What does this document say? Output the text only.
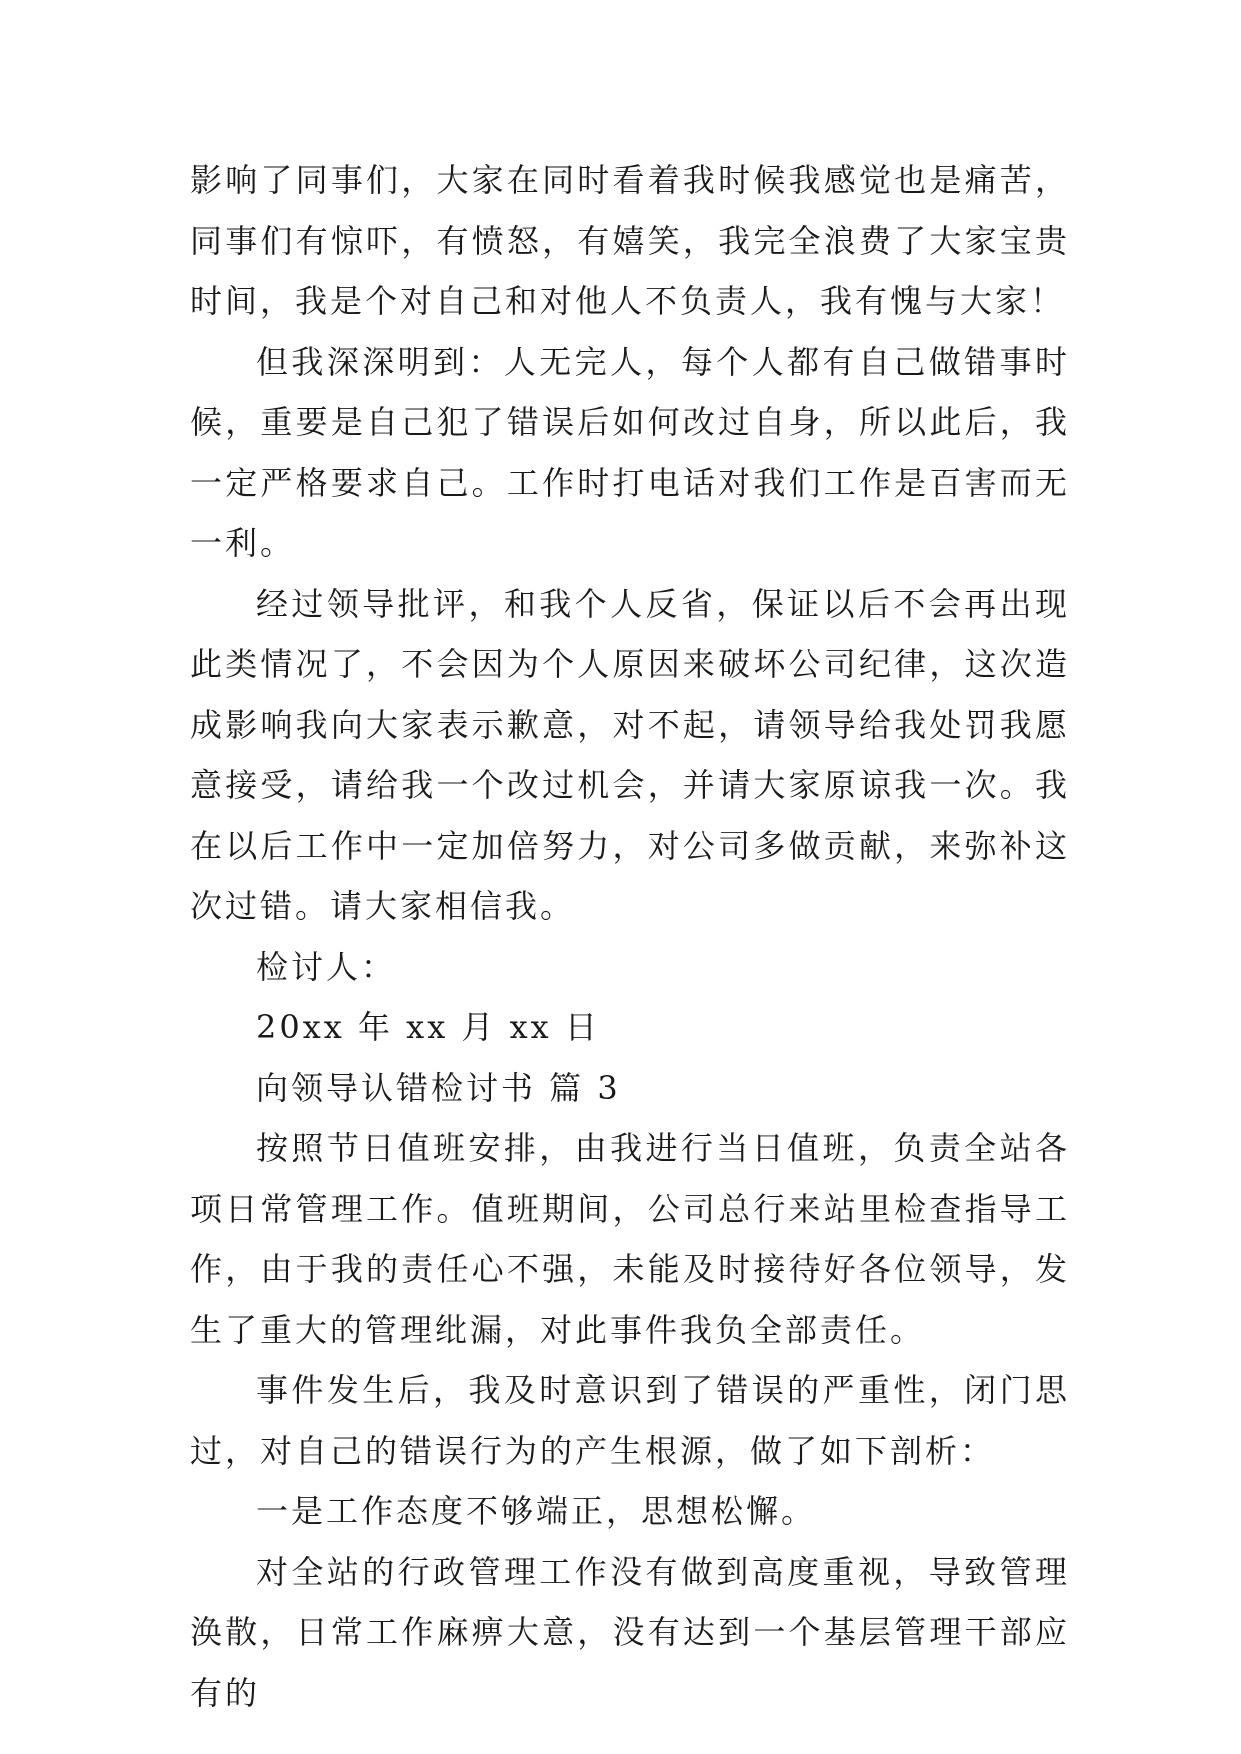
影响了同事们，大家在同时看着我时候我感觉也是痛苦，同事们有惊吓，有愤怒，有嬉笑，我完全浪费了大家宝贵时间，我是个对自己和对他人不负责人，我有愧与大家！

但我深深明到：人无完人，每个人都有自己做错事时候，重要是自己犯了错误后如何改过自身，所以此后，我一定严格要求自己。工作时打电话对我们工作是百害而无一利。

经过领导批评，和我个人反省，保证以后不会再出现此类情况了，不会因为个人原因来破坏公司纪律，这次造成影响我向大家表示歉意，对不起，请领导给我处罚我愿意接受，请给我一个改过机会，并请大家原谅我一次。我在以后工作中一定加倍努力，对公司多做贡献，来弥补这次过错。请大家相信我。

检讨人：

20xx 年 xx 月 xx 日

向领导认错检讨书 篇 3

按照节日值班安排，由我进行当日值班，负责全站各项日常管理工作。值班期间，公司总行来站里检查指导工作，由于我的责任心不强，未能及时接待好各位领导，发生了重大的管理纰漏，对此事件我负全部责任。

事件发生后，我及时意识到了错误的严重性，闭门思过，对自己的错误行为的产生根源，做了如下剖析：

一是工作态度不够端正，思想松懈。

对全站的行政管理工作没有做到高度重视，导致管理涣散，日常工作麻痹大意，没有达到一个基层管理干部应有的
